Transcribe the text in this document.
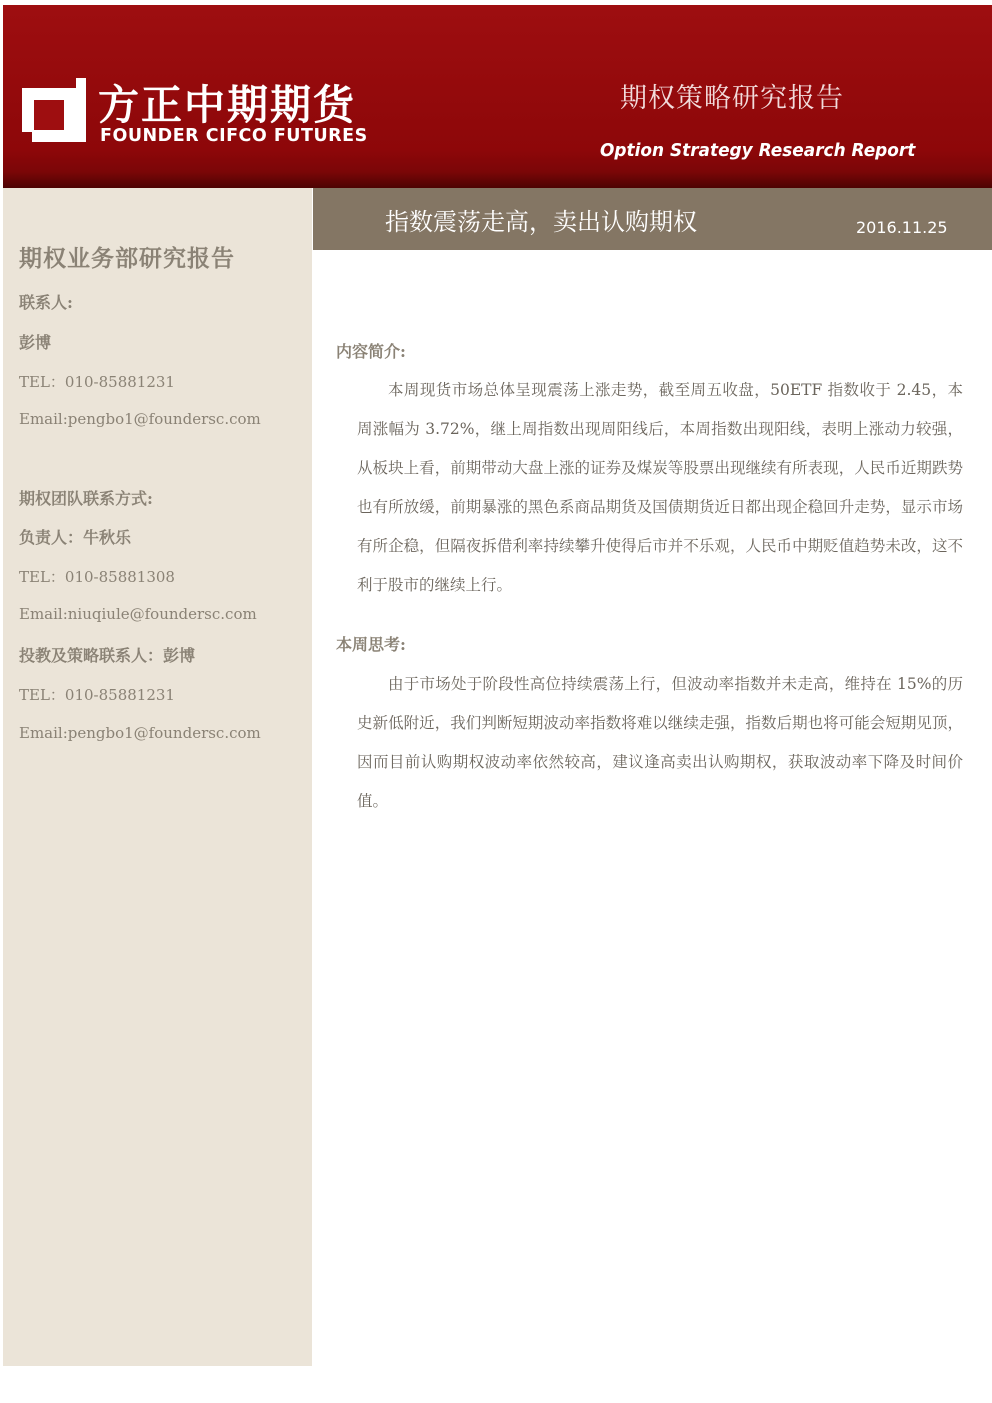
方正中期期货
FOUNDER CIFCO FUTURES
期权策略研究报告
Option Strategy Research Report
期权业务部研究报告
联系人:
彭博
TEL：010-85881231
Email:pengbo1@foundersc.com
期权团队联系方式:
负责人：牛秋乐
TEL：010-85881308
Email:niuqiule@foundersc.com
投教及策略联系人：彭博
TEL：010-85881231
Email:pengbo1@foundersc.com
指数震荡走高，卖出认购期权	2016.11.25
内容简介:
本周现货市场总体呈现震荡上涨走势，截至周五收盘，50ETF 指数收于 2.45，本周涨幅为 3.72%，继上周指数出现周阳线后，本周指数出现阳线，表明上涨动力较强，从板块上看，前期带动大盘上涨的证券及煤炭等股票出现继续有所表现，人民币近期跌势也有所放缓，前期暴涨的黑色系商品期货及国债期货近日都出现企稳回升走势，显示市场有所企稳，但隔夜拆借利率持续攀升使得后市并不乐观，人民币中期贬值趋势未改，这不利于股市的继续上行。
本周思考:
由于市场处于阶段性高位持续震荡上行，但波动率指数并未走高，维持在 15%的历史新低附近，我们判断短期波动率指数将难以继续走强，指数后期也将可能会短期见顶，因而目前认购期权波动率依然较高，建议逢高卖出认购期权，获取波动率下降及时间价值。
